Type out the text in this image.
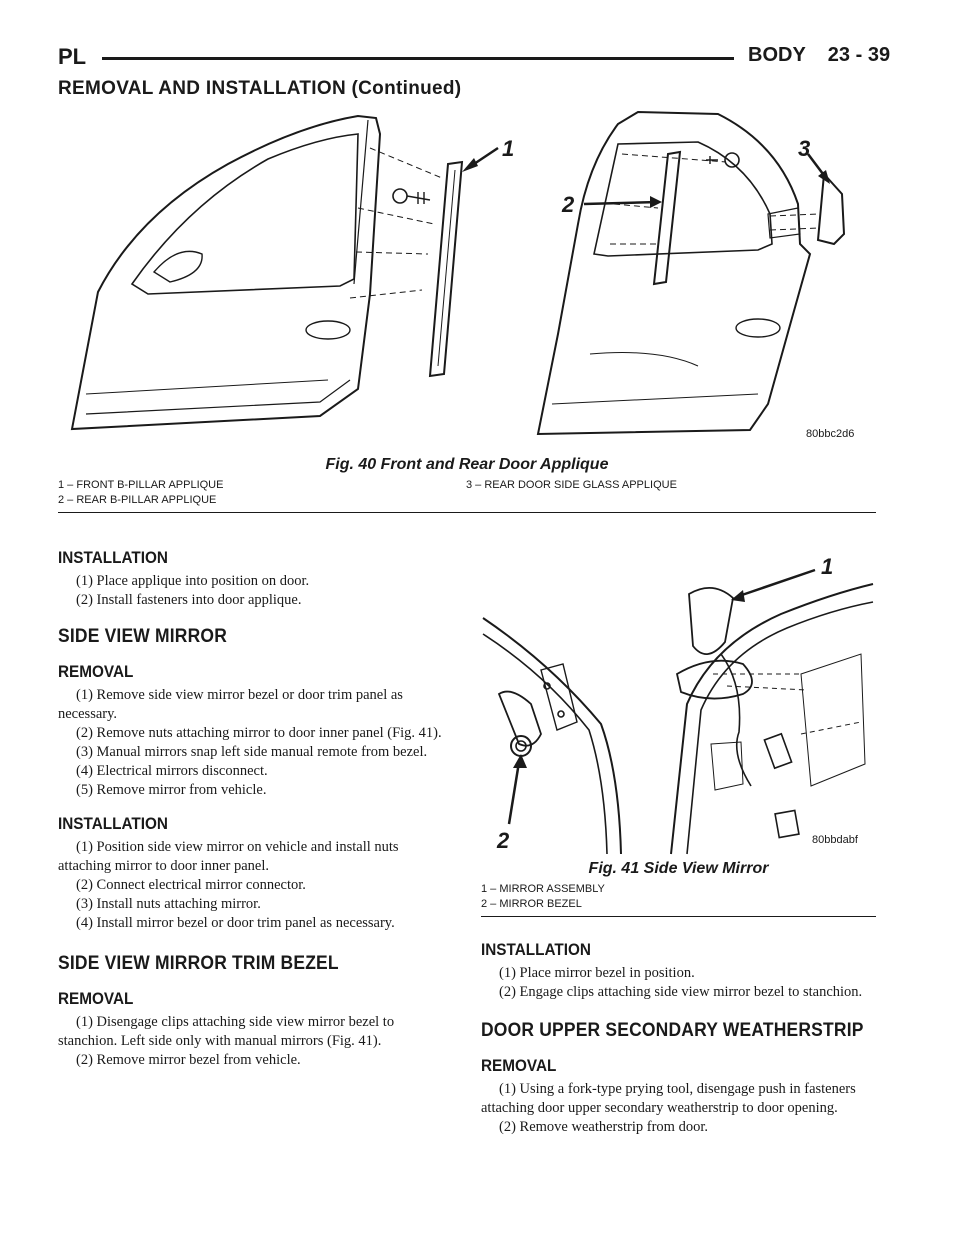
PL	BODY 23 - 39
REMOVAL AND INSTALLATION (Continued)
1
2
3
80bbc2d6
Fig. 40 Front and Rear Door Applique
1 – FRONT B-PILLAR APPLIQUE
2 – REAR B-PILLAR APPLIQUE
3 – REAR DOOR SIDE GLASS APPLIQUE
INSTALLATION

(1) Place applique into position on door.

(2) Install fasteners into door applique.

SIDE VIEW MIRROR
REMOVAL

(1) Remove side view mirror bezel or door trim panel as necessary.

(2) Remove nuts attaching mirror to door inner panel (Fig. 41).

(3) Manual mirrors snap left side manual remote from bezel.

(4) Electrical mirrors disconnect.

(5) Remove mirror from vehicle.

INSTALLATION

(1) Position side view mirror on vehicle and install nuts attaching mirror to door inner panel.

(2) Connect electrical mirror connector.

(3) Install nuts attaching mirror.

(4) Install mirror bezel or door trim panel as necessary.

SIDE VIEW MIRROR TRIM BEZEL
REMOVAL

(1) Disengage clips attaching side view mirror bezel to stanchion. Left side only with manual mirrors (Fig. 41).

(2) Remove mirror bezel from vehicle.

1
2	80bbdabf
Fig. 41 Side View Mirror
1 – MIRROR ASSEMBLY
2 – MIRROR BEZEL
INSTALLATION

(1) Place mirror bezel in position.

(2) Engage clips attaching side view mirror bezel to stanchion.

DOOR UPPER SECONDARY WEATHERSTRIP
REMOVAL

(1) Using a fork-type prying tool, disengage push in fasteners attaching door upper secondary weatherstrip to door opening.

(2) Remove weatherstrip from door.
